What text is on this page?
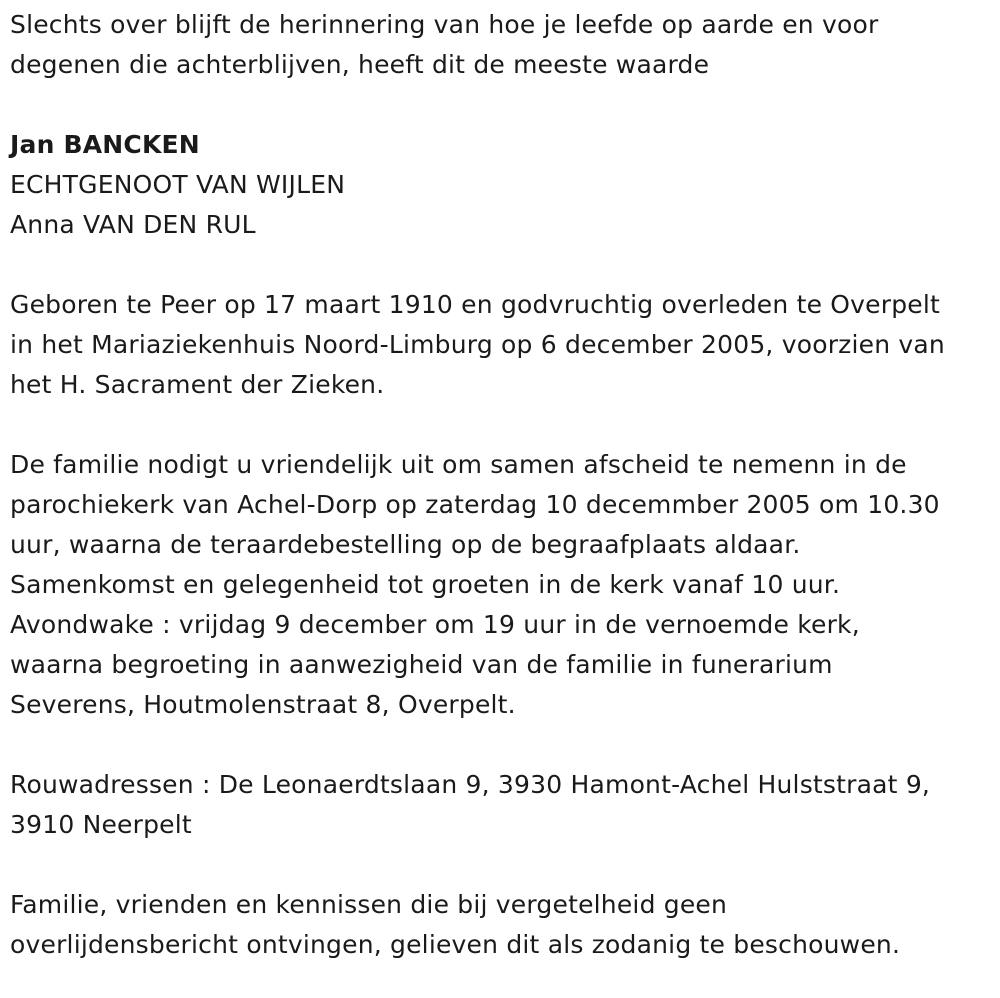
Slechts over blijft de herinnering van hoe je leefde op aarde en voor
degenen die achterblijven, heeft dit de meeste waarde

Jan BANCKEN
ECHTGENOOT VAN WIJLEN
Anna VAN DEN RUL

Geboren te Peer op 17 maart 1910 en godvruchtig overleden te Overpelt
in het Mariaziekenhuis Noord-Limburg op 6 december 2005, voorzien van
het H. Sacrament der Zieken.

De familie nodigt u vriendelijk uit om samen afscheid te nemenn in de
parochiekerk van Achel-Dorp op zaterdag 10 decemmber 2005 om 10.30
uur, waarna de teraardebestelling op de begraafplaats aldaar.
Samenkomst en gelegenheid tot groeten in de kerk vanaf 10 uur.
Avondwake : vrijdag 9 december om 19 uur in de vernoemde kerk,
waarna begroeting in aanwezigheid van de familie in funerarium
Severens, Houtmolenstraat 8, Overpelt.

Rouwadressen : De Leonaerdtslaan 9, 3930 Hamont-Achel Hulststraat 9,
3910 Neerpelt

Familie, vrienden en kennissen die bij vergetelheid geen
overlijdensbericht ontvingen, gelieven dit als zodanig te beschouwen.
